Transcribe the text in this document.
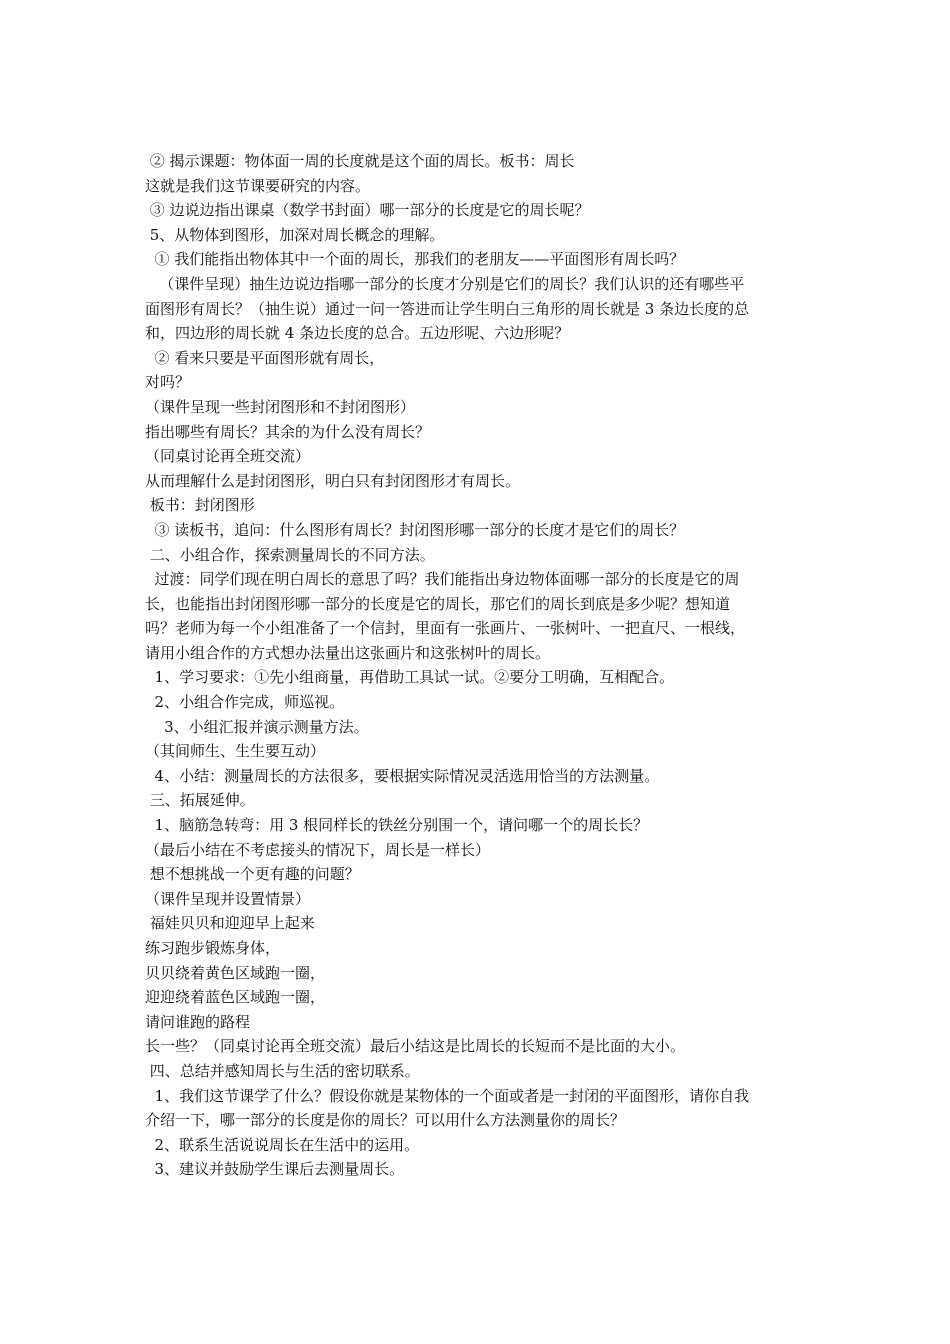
② 揭示课题：物体面一周的长度就是这个面的周长。板书：周长
这就是我们这节课要研究的内容。
③ 边说边指出课桌（数学书封面）哪一部分的长度是它的周长呢？
5、从物体到图形，加深对周长概念的理解。
① 我们能指出物体其中一个面的周长，那我们的老朋友——平面图形有周长吗？
（课件呈现）抽生边说边指哪一部分的长度才分别是它们的周长？我们认识的还有哪些平
面图形有周长？（抽生说）通过一问一答进而让学生明白三角形的周长就是 3 条边长度的总
和，四边形的周长就 4 条边长度的总合。五边形呢、六边形呢？
② 看来只要是平面图形就有周长，
对吗？
（课件呈现一些封闭图形和不封闭图形）
指出哪些有周长？其余的为什么没有周长？
（同桌讨论再全班交流）
从而理解什么是封闭图形，明白只有封闭图形才有周长。
板书：封闭图形
③ 读板书，追问：什么图形有周长？封闭图形哪一部分的长度才是它们的周长？
二、小组合作，探索测量周长的不同方法。
过渡：同学们现在明白周长的意思了吗？我们能指出身边物体面哪一部分的长度是它的周
长，也能指出封闭图形哪一部分的长度是它的周长，那它们的周长到底是多少呢？想知道
吗？老师为每一个小组准备了一个信封，里面有一张画片、一张树叶、一把直尺、一根线，
请用小组合作的方式想办法量出这张画片和这张树叶的周长。
1、学习要求：①先小组商量，再借助工具试一试。②要分工明确，互相配合。
2、小组合作完成，师巡视。
3、小组汇报并演示测量方法。
（其间师生、生生要互动）
4、小结：测量周长的方法很多，要根据实际情况灵活选用恰当的方法测量。
三、拓展延伸。
1、脑筋急转弯：用 3 根同样长的铁丝分别围一个，请问哪一个的周长长？
（最后小结在不考虑接头的情况下，周长是一样长）
想不想挑战一个更有趣的问题？
（课件呈现并设置情景）
福娃贝贝和迎迎早上起来
练习跑步锻炼身体，
贝贝绕着黄色区域跑一圈，
迎迎绕着蓝色区域跑一圈，
请问谁跑的路程
长一些？（同桌讨论再全班交流）最后小结这是比周长的长短而不是比面的大小。
四、总结并感知周长与生活的密切联系。
1、我们这节课学了什么？假设你就是某物体的一个面或者是一封闭的平面图形，请你自我
介绍一下，哪一部分的长度是你的周长？可以用什么方法测量你的周长？
2、联系生活说说周长在生活中的运用。
3、建议并鼓励学生课后去测量周长。
